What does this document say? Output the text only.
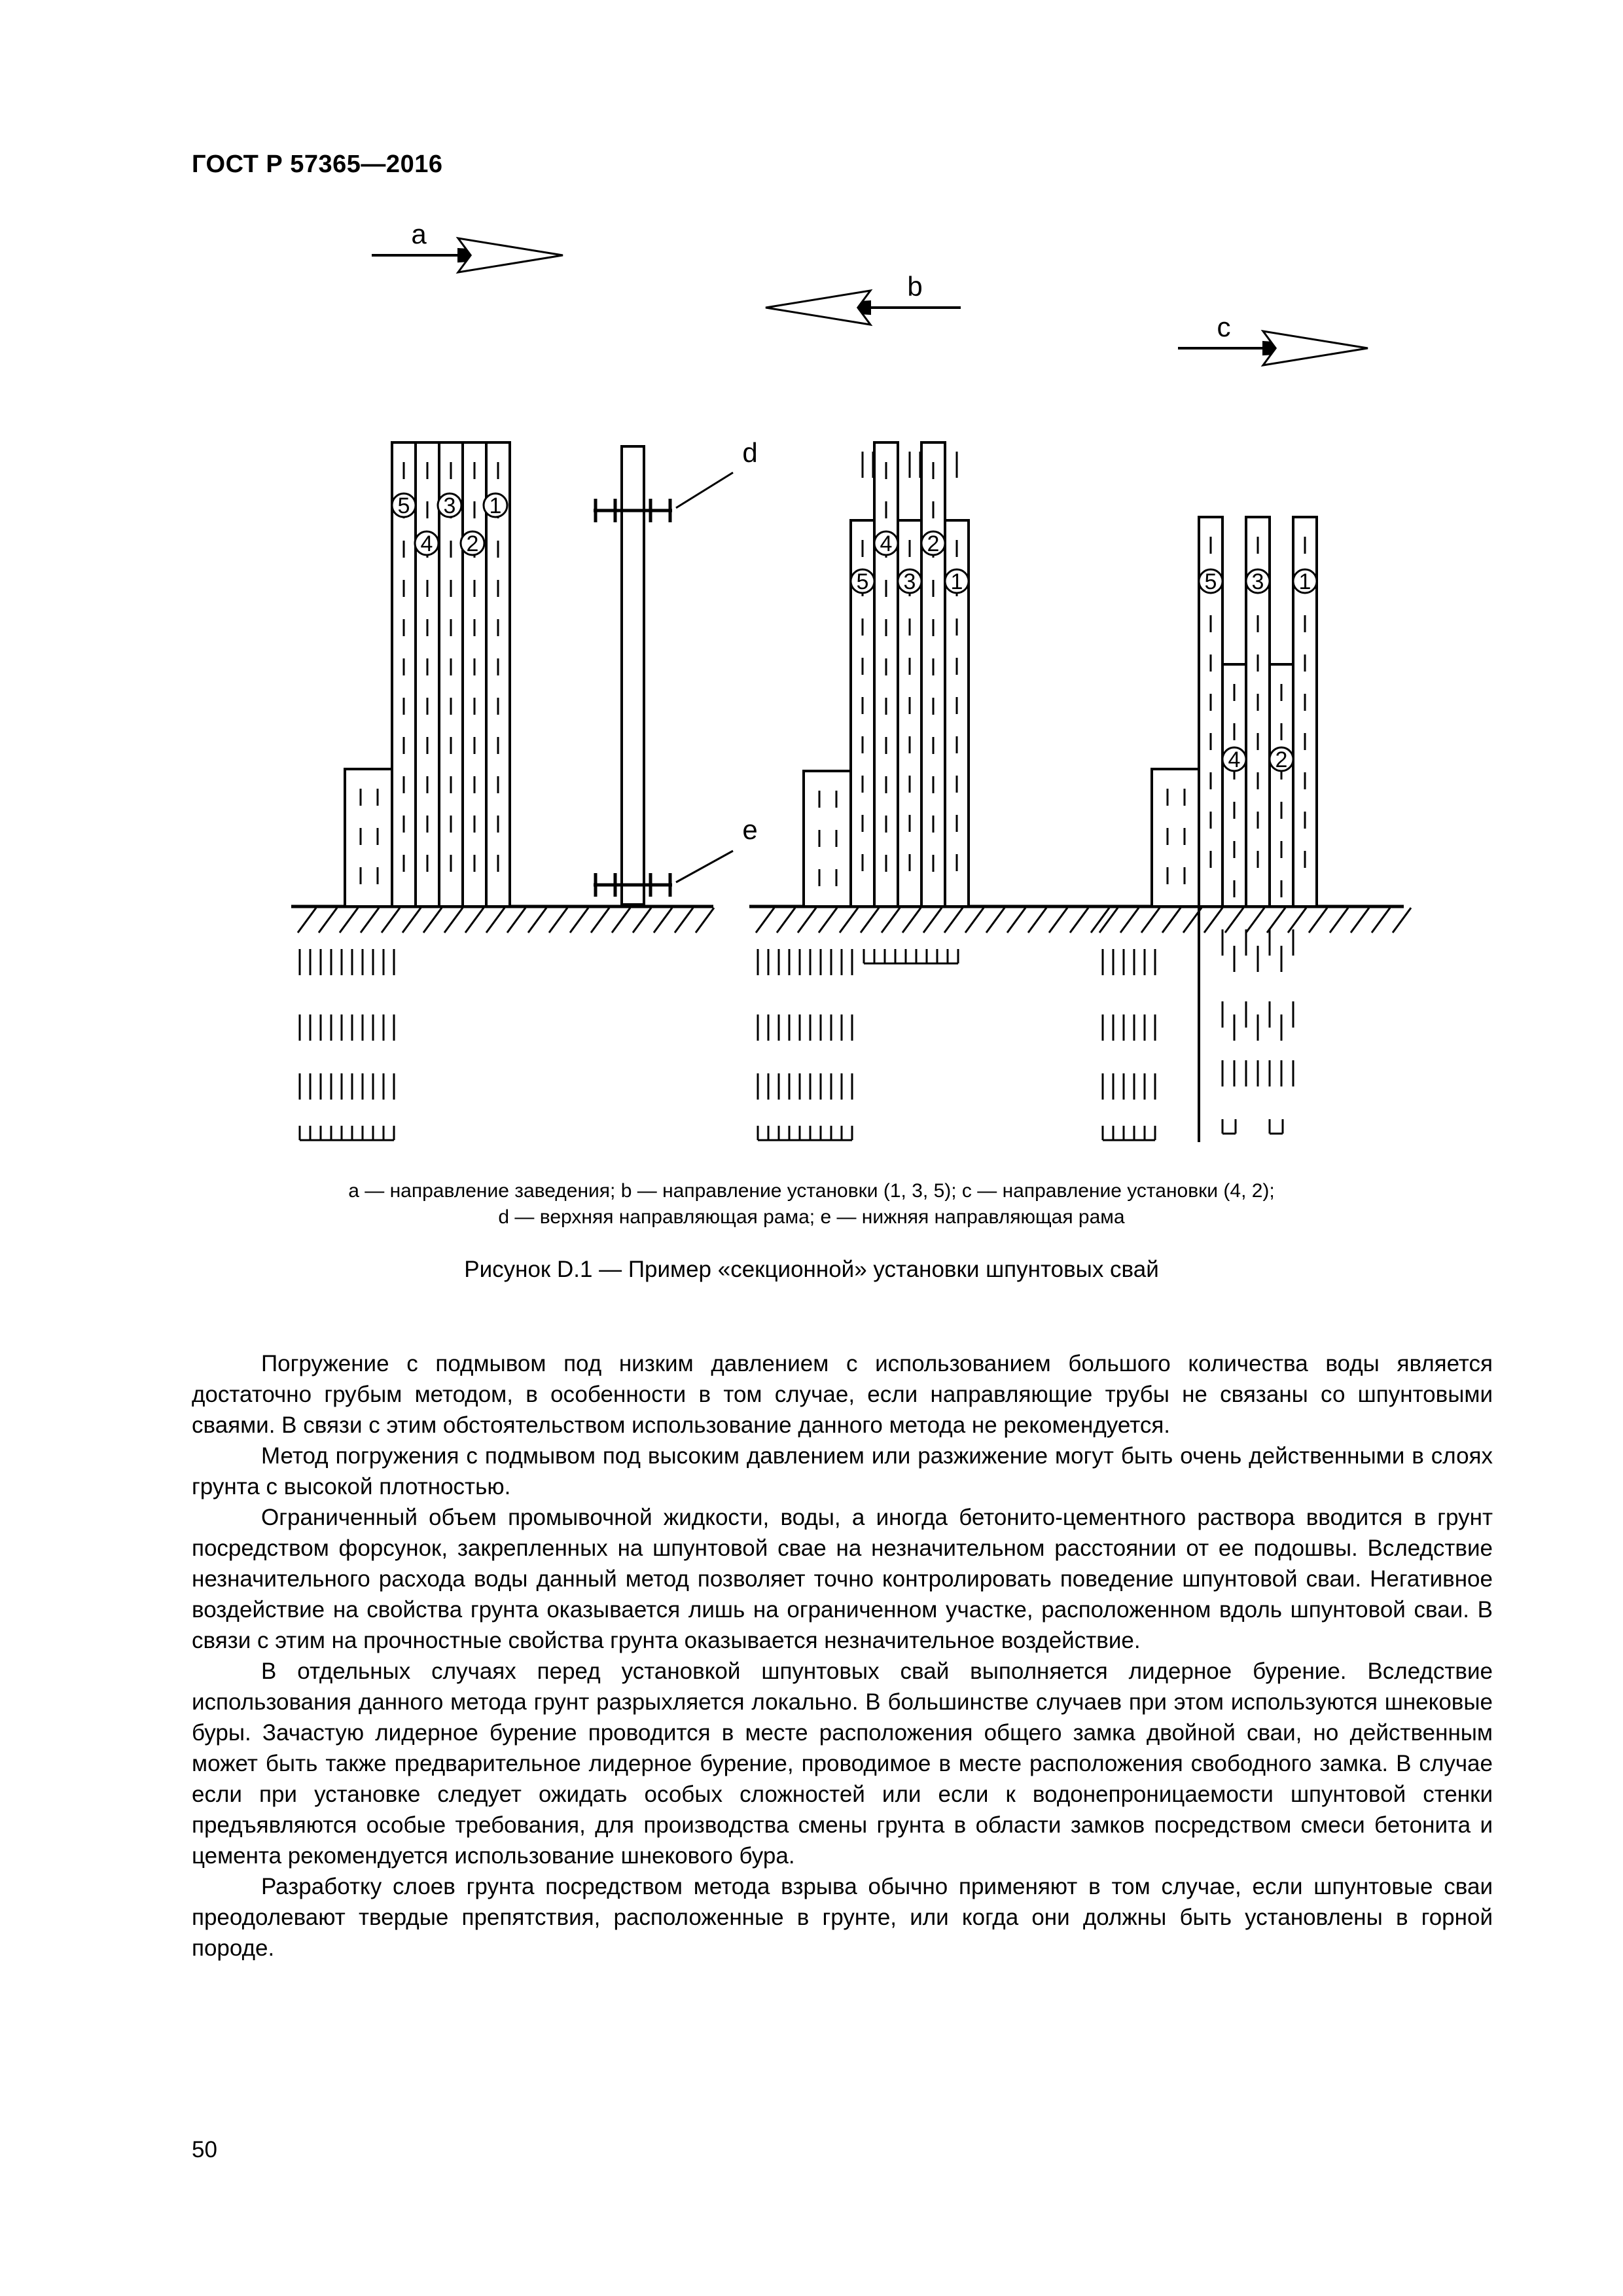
ГОСТ Р 57365—2016
a
b
c
5 3 1
4 2
d
e
4 2
5 3 1	5 3 1
4 2
a — направление заведения; b — направление установки (1, 3, 5); c — направление установки (4, 2);
d — верхняя направляющая рама; e — нижняя направляющая рама
Рисунок D.1 — Пример «секционной» установки шпунтовых свай

Погружение с подмывом под низким давлением с использованием большого количества воды является достаточно грубым методом, в особенности в том случае, если направляющие трубы не связаны со шпунтовыми сваями. В связи с этим обстоятельством использование данного метода не рекомендуется.

Метод погружения с подмывом под высоким давлением или разжижение могут быть очень действенными в слоях грунта с высокой плотностью.

Ограниченный объем промывочной жидкости, воды, а иногда бетонито-цементного раствора вводится в грунт посредством форсунок, закрепленных на шпунтовой свае на незначительном расстоянии от ее подошвы. Вследствие незначительного расхода воды данный метод позволяет точно контролировать поведение шпунтовой сваи. Негативное воздействие на свойства грунта оказывается лишь на ограниченном участке, расположенном вдоль шпунтовой сваи. В связи с этим на прочностные свойства грунта оказывается незначительное воздействие.

В отдельных случаях перед установкой шпунтовых свай выполняется лидерное бурение. Вследствие использования данного метода грунт разрыхляется локально. В большинстве случаев при этом используются шнековые буры. Зачастую лидерное бурение проводится в месте расположения общего замка двойной сваи, но действенным может быть также предварительное лидерное бурение, проводимое в месте расположения свободного замка. В случае если при установке следует ожидать особых сложностей или если к водонепроницаемости шпунтовой стенки предъявляются особые требования, для производства смены грунта в области замков посредством смеси бетонита и цемента рекомендуется использование шнекового бура.

Разработку слоев грунта посредством метода взрыва обычно применяют в том случае, если шпунтовые сваи преодолевают твердые препятствия, расположенные в грунте, или когда они должны быть установлены в горной породе.

50
